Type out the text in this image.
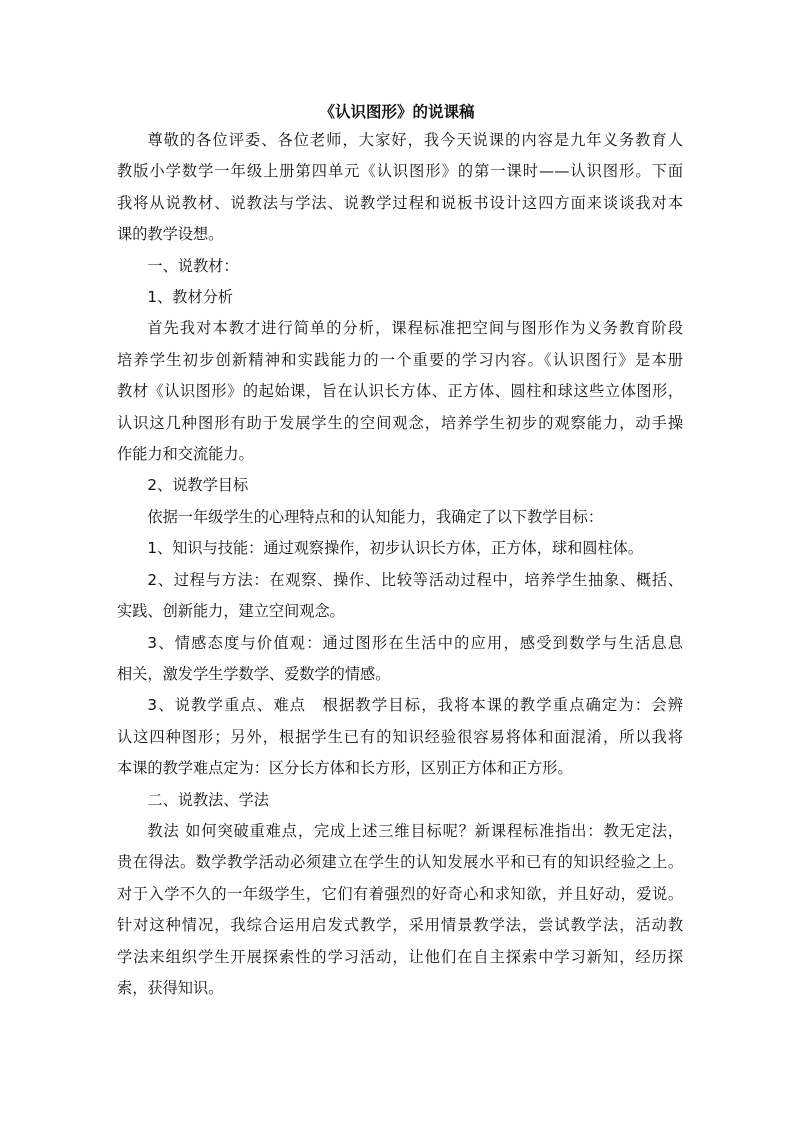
《认识图形》的说课稿

尊敬的各位评委、各位老师，大家好，我今天说课的内容是九年义务教育人
教版小学数学一年级上册第四单元《认识图形》的第一课时——认识图形。下面
我将从说教材、说教法与学法、说教学过程和说板书设计这四方面来谈谈我对本
课的教学设想。

一、说教材：

1、教材分析

首先我对本教才进行简单的分析，课程标准把空间与图形作为义务教育阶段
培养学生初步创新精神和实践能力的一个重要的学习内容。《认识图行》是本册
教材《认识图形》的起始课，旨在认识长方体、正方体、圆柱和球这些立体图形，
认识这几种图形有助于发展学生的空间观念，培养学生初步的观察能力，动手操
作能力和交流能力。

2、说教学目标

依据一年级学生的心理特点和的认知能力，我确定了以下教学目标：

1、知识与技能：通过观察操作，初步认识长方体，正方体，球和圆柱体。

2、过程与方法：在观察、操作、比较等活动过程中，培养学生抽象、概括、
实践、创新能力，建立空间观念。

3、情感态度与价值观：通过图形在生活中的应用，感受到数学与生活息息
相关，激发学生学数学、爱数学的情感。

3、说教学重点、难点　根据教学目标，我将本课的教学重点确定为：会辨
认这四种图形；另外，根据学生已有的知识经验很容易将体和面混淆，所以我将
本课的教学难点定为：区分长方体和长方形，区别正方体和正方形。

二、说教法、学法

教法 如何突破重难点，完成上述三维目标呢？新课程标准指出：教无定法，
贵在得法。数学教学活动必须建立在学生的认知发展水平和已有的知识经验之上。
对于入学不久的一年级学生，它们有着强烈的好奇心和求知欲，并且好动，爱说。
针对这种情况，我综合运用启发式教学，采用情景教学法，尝试教学法，活动教
学法来组织学生开展探索性的学习活动，让他们在自主探索中学习新知，经历探
索，获得知识。
